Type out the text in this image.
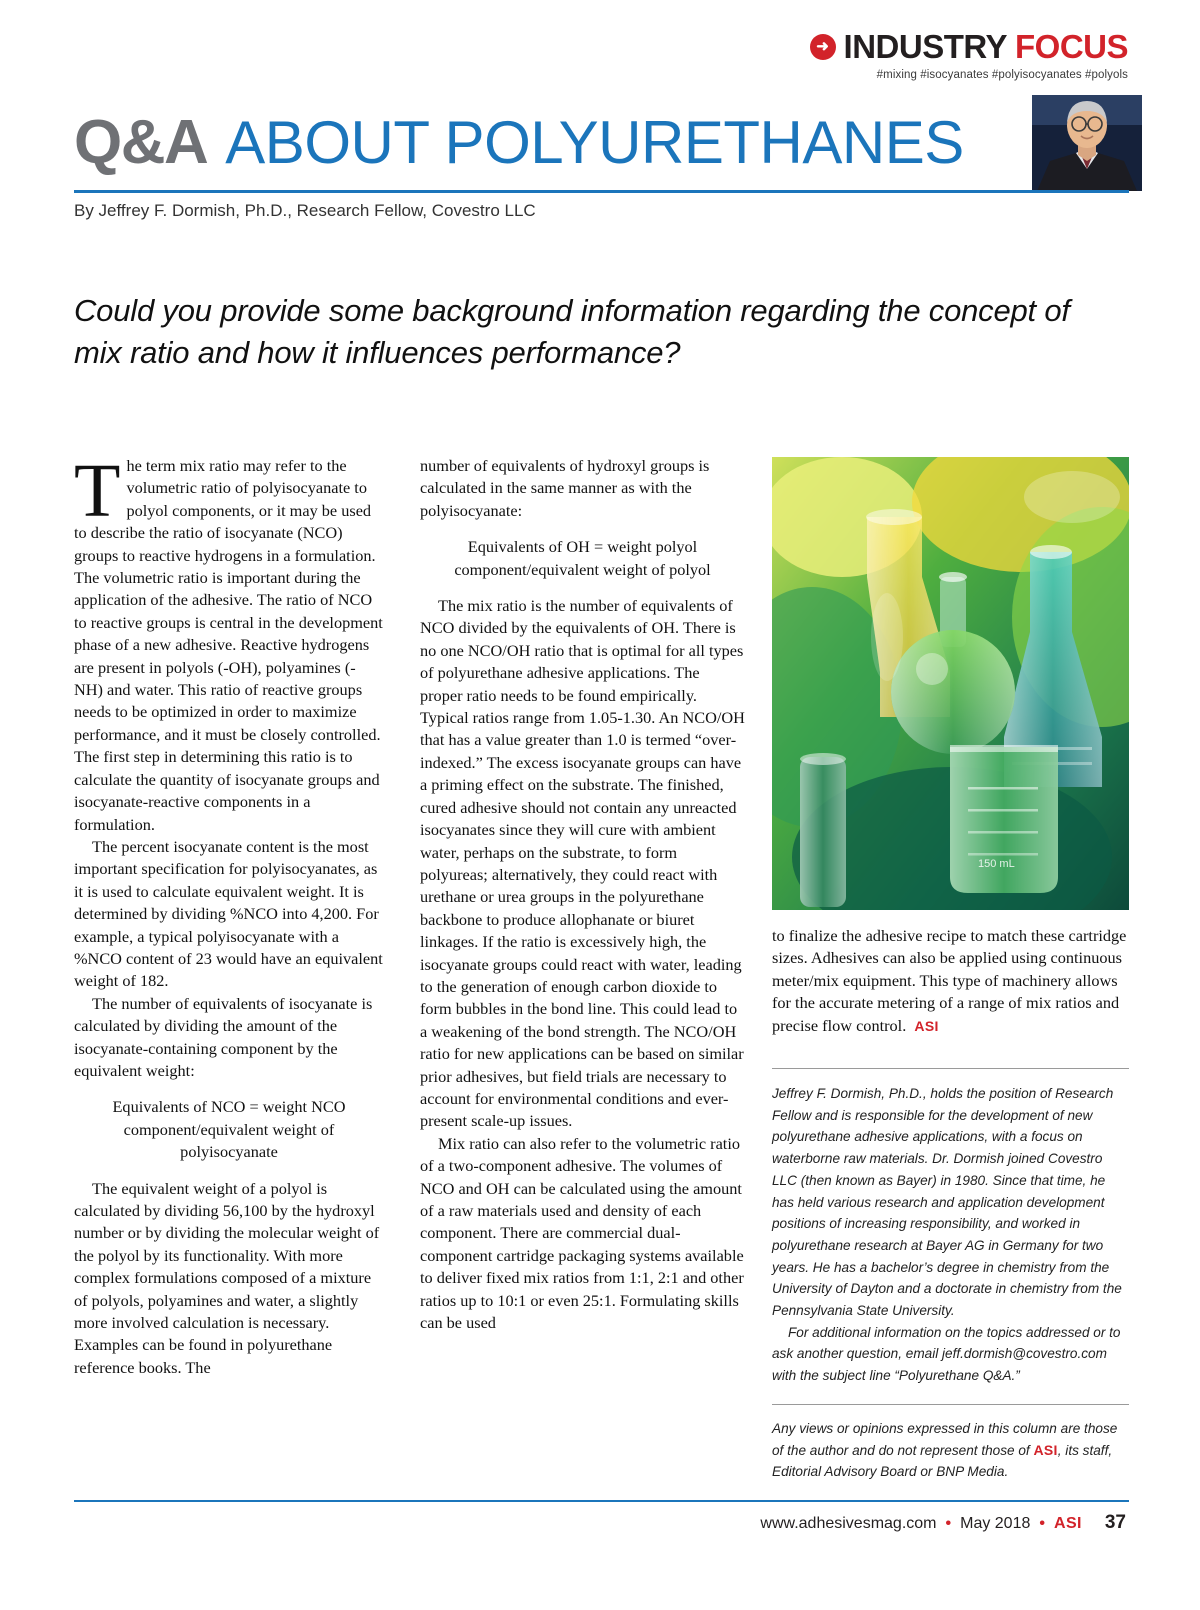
➜ INDUSTRY FOCUS
#mixing #isocyanates #polyisocyanates #polyols
Q&A ABOUT POLYURETHANES
By Jeffrey F. Dormish, Ph.D., Research Fellow, Covestro LLC
Could you provide some background information regarding the concept of mix ratio and how it influences performance?

The term mix ratio may refer to the volumetric ratio of polyisocyanate to polyol components, or it may be used to describe the ratio of isocyanate (NCO) groups to reactive hydrogens in a formulation. The volumetric ratio is important during the application of the adhesive. The ratio of NCO to reactive groups is central in the development phase of a new adhesive. Reactive hydrogens are present in polyols (-OH), polyamines (-NH) and water. This ratio of reactive groups needs to be optimized in order to maximize performance, and it must be closely controlled. The first step in determining this ratio is to calculate the quantity of isocyanate groups and isocyanate-reactive components in a formulation.

The percent isocyanate content is the most important specification for polyisocyanates, as it is used to calculate equivalent weight. It is determined by dividing %NCO into 4,200. For example, a typical polyisocyanate with a %NCO content of 23 would have an equivalent weight of 182.

The number of equivalents of isocyanate is calculated by dividing the amount of the isocyanate-containing component by the equivalent weight:

Equivalents of NCO = weight NCO component/equivalent weight of polyisocyanate

The equivalent weight of a polyol is calculated by dividing 56,100 by the hydroxyl number or by dividing the molecular weight of the polyol by its functionality. With more complex formulations composed of a mixture of polyols, polyamines and water, a slightly more involved calculation is necessary. Examples can be found in polyurethane reference books. The

number of equivalents of hydroxyl groups is calculated in the same manner as with the polyisocyanate:

Equivalents of OH = weight polyol component/equivalent weight of polyol

The mix ratio is the number of equivalents of NCO divided by the equivalents of OH. There is no one NCO/OH ratio that is optimal for all types of polyurethane adhesive applications. The proper ratio needs to be found empirically. Typical ratios range from 1.05-1.30. An NCO/OH that has a value greater than 1.0 is termed “over-indexed.” The excess isocyanate groups can have a priming effect on the substrate. The finished, cured adhesive should not contain any unreacted isocyanates since they will cure with ambient water, perhaps on the substrate, to form polyureas; alternatively, they could react with urethane or urea groups in the polyurethane backbone to produce allophanate or biuret linkages. If the ratio is excessively high, the isocyanate groups could react with water, leading to the generation of enough carbon dioxide to form bubbles in the bond line. This could lead to a weakening of the bond strength. The NCO/OH ratio for new applications can be based on similar prior adhesives, but field trials are necessary to account for environmental conditions and ever-present scale-up issues.

Mix ratio can also refer to the volumetric ratio of a two-component adhesive. The volumes of NCO and OH can be calculated using the amount of a raw materials used and density of each component. There are commercial dual-component cartridge packaging systems available to deliver fixed mix ratios from 1:1, 2:1 and other ratios up to 10:1 or even 25:1. Formulating skills can be used

150 mL

to finalize the adhesive recipe to match these cartridge sizes. Adhesives can also be applied using continuous meter/mix equipment. This type of machinery allows for the accurate metering of a range of mix ratios and precise flow control. ASI

Jeffrey F. Dormish, Ph.D., holds the position of Research Fellow and is responsible for the development of new polyurethane adhesive applications, with a focus on waterborne raw materials. Dr. Dormish joined Covestro LLC (then known as Bayer) in 1980. Since that time, he has held various research and application development positions of increasing responsibility, and worked in polyurethane research at Bayer AG in Germany for two years. He has a bachelor’s degree in chemistry from the University of Dayton and a doctorate in chemistry from the Pennsylvania State University.

For additional information on the topics addressed or to ask another question, email jeff.dormish@covestro.com with the subject line “Polyurethane Q&A.”

Any views or opinions expressed in this column are those of the author and do not represent those of ASI, its staff, Editorial Advisory Board or BNP Media.
www.adhesivesmag.com • May 2018 • ASI 37
